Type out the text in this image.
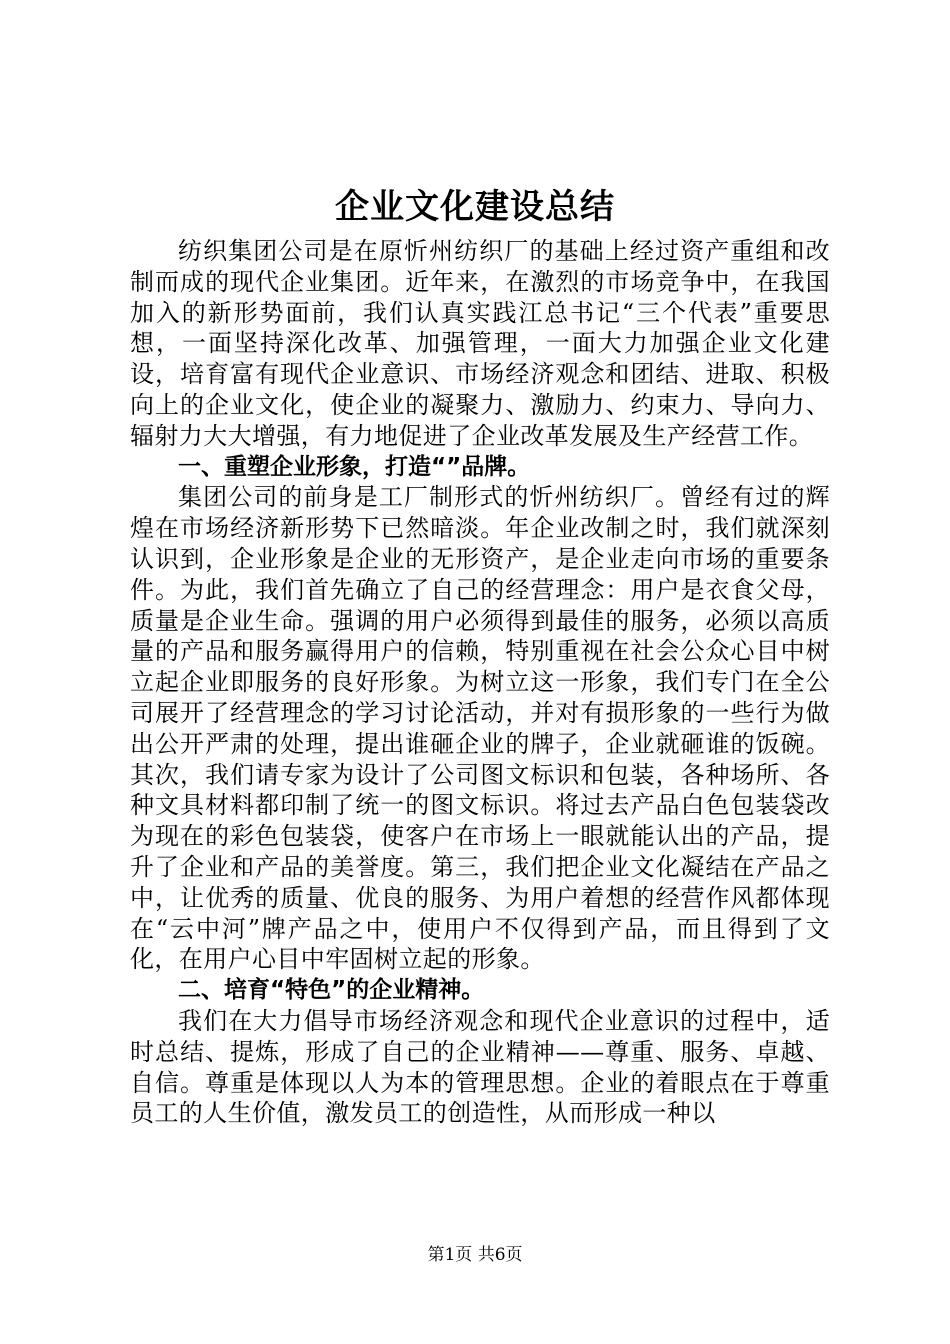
企业文化建设总结

纺织集团公司是在原忻州纺织厂的基础上经过资产重组和改制而成的现代企业集团。近年来，在激烈的市场竞争中，在我国加入的新形势面前，我们认真实践江总书记“三个代表”重要思想，一面坚持深化改革、加强管理，一面大力加强企业文化建设，培育富有现代企业意识、市场经济观念和团结、进取、积极向上的企业文化，使企业的凝聚力、激励力、约束力、导向力、辐射力大大增强，有力地促进了企业改革发展及生产经营工作。

一、重塑企业形象，打造“”品牌。

集团公司的前身是工厂制形式的忻州纺织厂。曾经有过的辉煌在市场经济新形势下已然暗淡。年企业改制之时，我们就深刻认识到，企业形象是企业的无形资产，是企业走向市场的重要条件。为此，我们首先确立了自己的经营理念：用户是衣食父母，质量是企业生命。强调的用户必须得到最佳的服务，必须以高质量的产品和服务赢得用户的信赖，特别重视在社会公众心目中树立起企业即服务的良好形象。为树立这一形象，我们专门在全公司展开了经营理念的学习讨论活动，并对有损形象的一些行为做出公开严肃的处理，提出谁砸企业的牌子，企业就砸谁的饭碗。其次，我们请专家为设计了公司图文标识和包装，各种场所、各种文具材料都印制了统一的图文标识。将过去产品白色包装袋改为现在的彩色包装袋，使客户在市场上一眼就能认出的产品，提升了企业和产品的美誉度。第三，我们把企业文化凝结在产品之中，让优秀的质量、优良的服务、为用户着想的经营作风都体现在“云中河”牌产品之中，使用户不仅得到产品，而且得到了文化，在用户心目中牢固树立起的形象。

二、培育“特色”的企业精神。

我们在大力倡导市场经济观念和现代企业意识的过程中，适时总结、提炼，形成了自己的企业精神——尊重、服务、卓越、自信。尊重是体现以人为本的管理思想。企业的着眼点在于尊重员工的人生价值，激发员工的创造性，从而形成一种以

第1页 共6页
